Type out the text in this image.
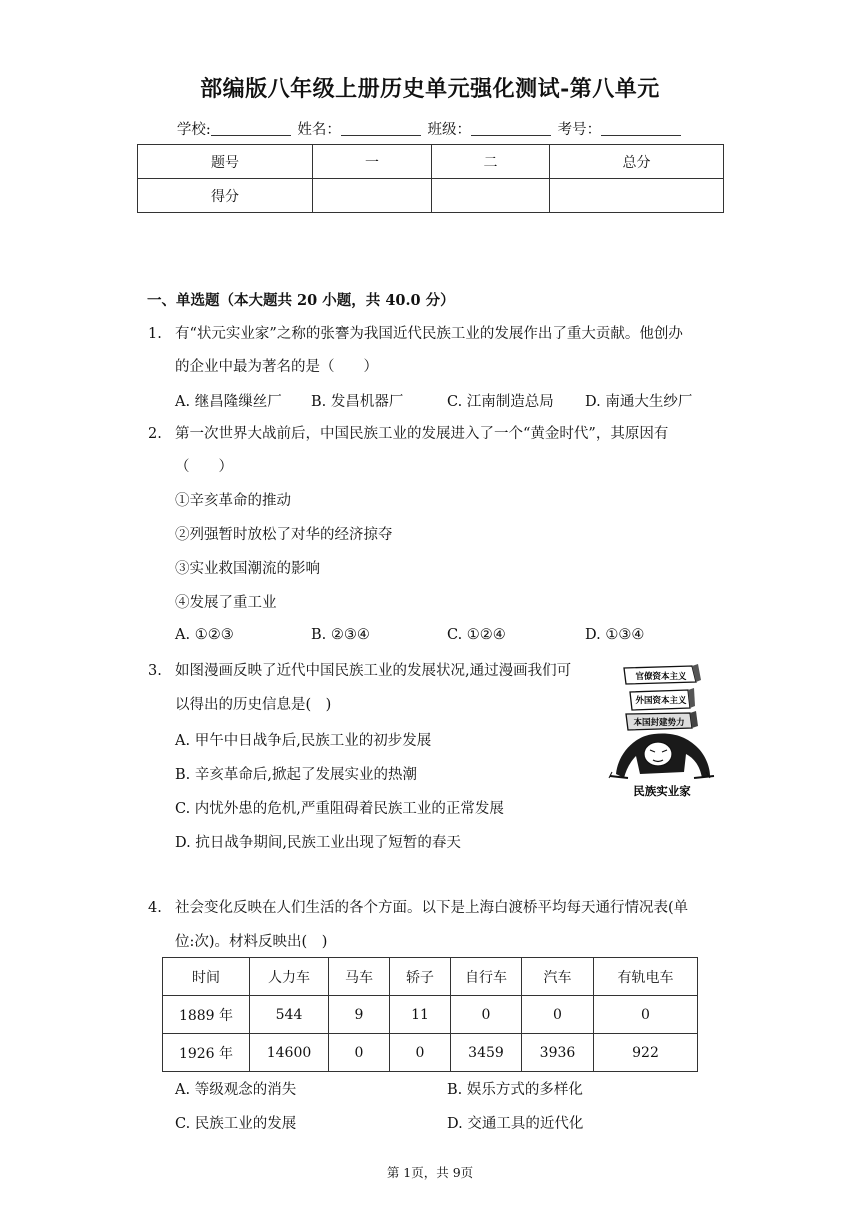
部编版八年级上册历史单元强化测试-第八单元
学校:	姓名：	班级：	考号：
题号	一	二	总分
得分			
一、单选题（本大题共 20 小题，共 40.0 分）
1. 有“状元实业家”之称的张謇为我国近代民族工业的发展作出了重大贡献。他创办
的企业中最为著名的是（　　）
A. 继昌隆缫丝厂 B. 发昌机器厂	C. 江南制造总局 D. 南通大生纱厂
2. 第一次世界大战前后，中国民族工业的发展进入了一个“黄金时代”，其原因有
（　　）
①辛亥革命的推动
②列强暂时放松了对华的经济掠夺
③实业救国潮流的影响
④发展了重工业
A. ①②③	B. ②③④	C. ①②④	D. ①③④
3. 如图漫画反映了近代中国民族工业的发展状况,通过漫画我们可
以得出的历史信息是(　)
A. 甲午中日战争后,民族工业的初步发展
B. 辛亥革命后,掀起了发展实业的热潮
C. 内忧外患的危机,严重阻碍着民族工业的正常发展
D. 抗日战争期间,民族工业出现了短暂的春天
官僚资本主义
外国资本主义
本国封建势力
民族实业家
4. 社会变化反映在人们生活的各个方面。以下是上海白渡桥平均每天通行情况表(单
位:次)。材料反映出(　)
时间	人力车	马车	轿子	自行车	汽车	有轨电车
1889 年	544	9	11	0	0	0
1926 年	14600	0	0	3459	3936	922
A. 等级观念的消失	B. 娱乐方式的多样化
C. 民族工业的发展	D. 交通工具的近代化
第 1页，共 9页
